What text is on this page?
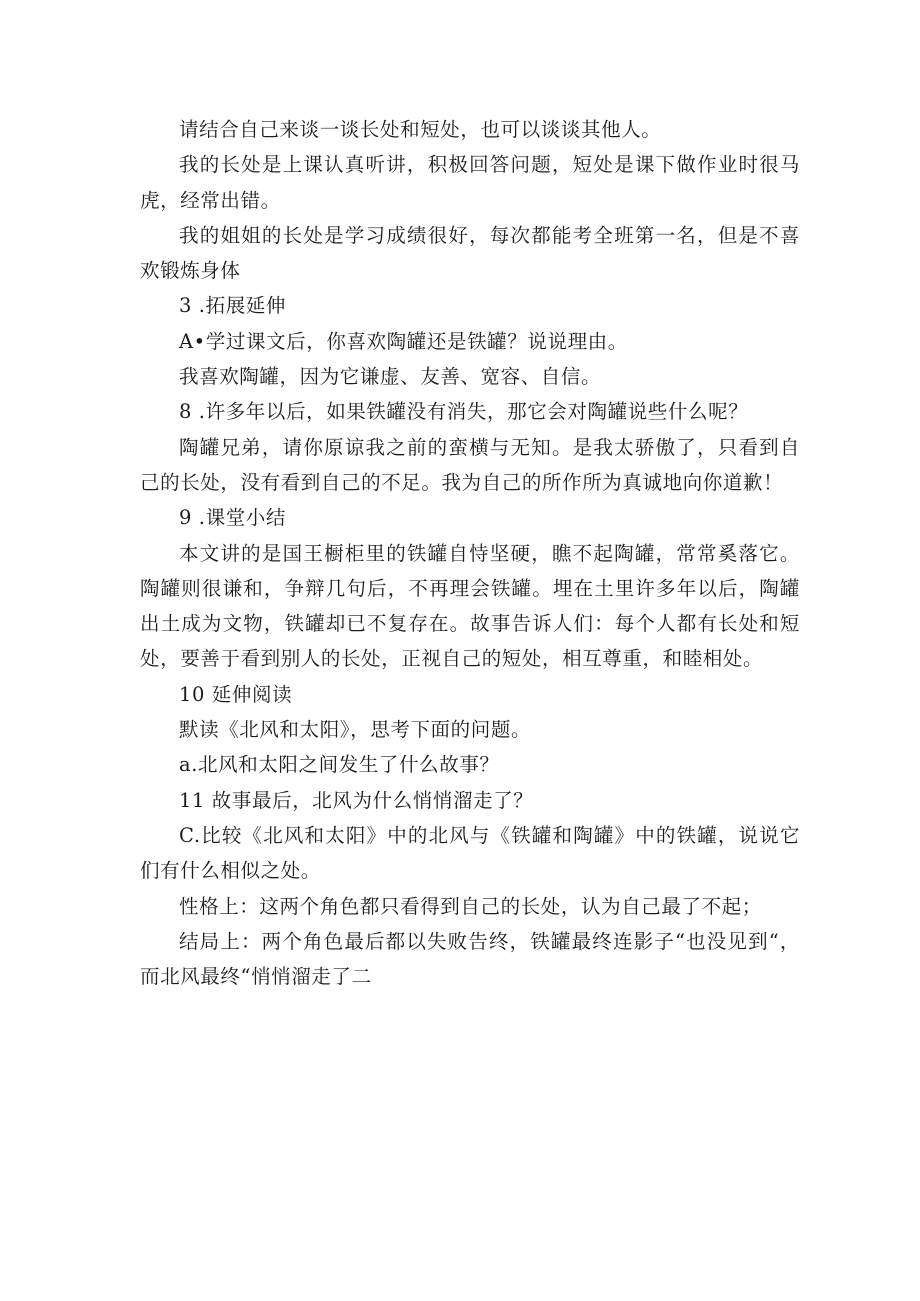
请结合自己来谈一谈长处和短处，也可以谈谈其他人。

我的长处是上课认真听讲，积极回答问题，短处是课下做作业时很马虎，经常出错。

我的姐姐的长处是学习成绩很好，每次都能考全班第一名，但是不喜欢锻炼身体

3 .拓展延伸

A•学过课文后，你喜欢陶罐还是铁罐？说说理由。

我喜欢陶罐，因为它谦虚、友善、宽容、自信。

8 .许多年以后，如果铁罐没有消失，那它会对陶罐说些什么呢？

陶罐兄弟，请你原谅我之前的蛮横与无知。是我太骄傲了，只看到自己的长处，没有看到自己的不足。我为自己的所作所为真诚地向你道歉！

9 .课堂小结

本文讲的是国王橱柜里的铁罐自恃坚硬，瞧不起陶罐，常常奚落它。陶罐则很谦和，争辩几句后，不再理会铁罐。埋在土里许多年以后，陶罐出土成为文物，铁罐却已不复存在。故事告诉人们：每个人都有长处和短处，要善于看到别人的长处，正视自己的短处，相互尊重，和睦相处。

10 延伸阅读

默读《北风和太阳》，思考下面的问题。

a.北风和太阳之间发生了什么故事？

11 故事最后，北风为什么悄悄溜走了？

C.比较《北风和太阳》中的北风与《铁罐和陶罐》中的铁罐，说说它们有什么相似之处。

性格上：这两个角色都只看得到自己的长处，认为自己最了不起；

结局上：两个角色最后都以失败告终，铁罐最终连影子“也没见到“，而北风最终“悄悄溜走了二
